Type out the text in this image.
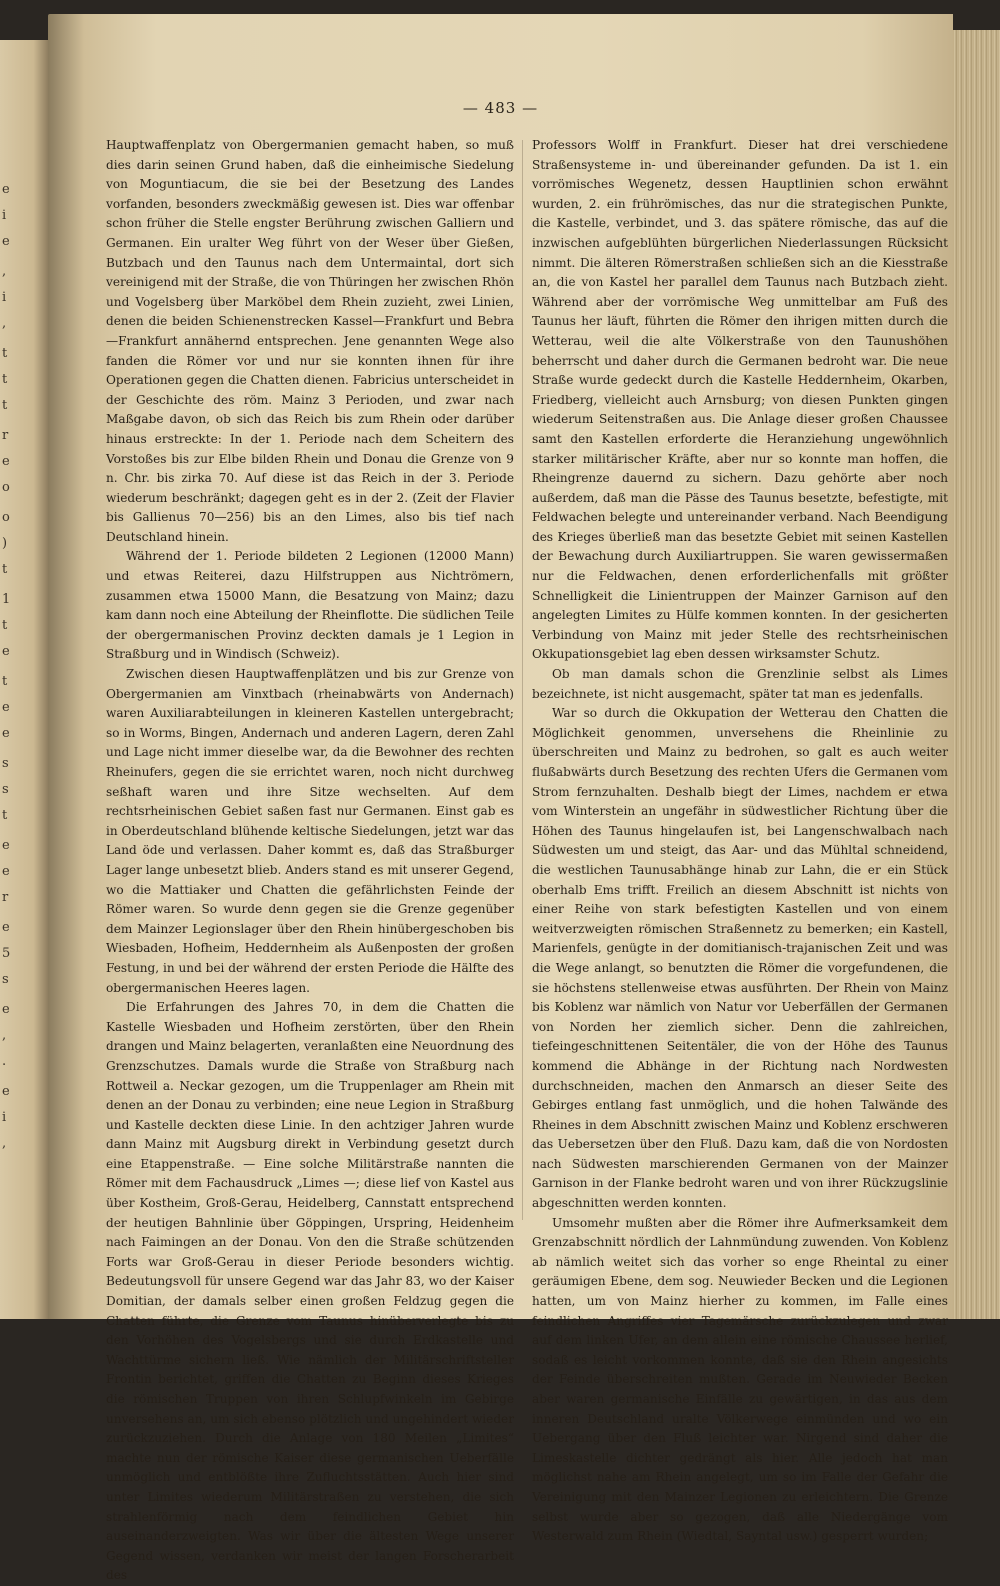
e
i
e
,
i
,
t
t
t
r
e
o
o
)
t
1
t
e
t
e
e
s
s
t
e
e
r
e
5
s
e
,
.
e
i
,
— 483 —

Hauptwaffenplatz von Obergermanien gemacht haben, so muß dies darin seinen Grund haben, daß die einheimische Siedelung von Moguntiacum, die sie bei der Besetzung des Landes vorfanden, besonders zweckmäßig gewesen ist. Dies war offenbar schon früher die Stelle engster Berührung zwischen Galliern und Germanen. Ein uralter Weg führt von der Weser über Gießen, Butzbach und den Taunus nach dem Untermaintal, dort sich vereinigend mit der Straße, die von Thüringen her zwischen Rhön und Vogelsberg über Marköbel dem Rhein zuzieht, zwei Linien, denen die beiden Schienenstrecken Kassel—Frankfurt und Bebra—Frankfurt annähernd entsprechen. Jene genannten Wege also fanden die Römer vor und nur sie konnten ihnen für ihre Operationen gegen die Chatten dienen. Fabricius unterscheidet in der Geschichte des röm. Mainz 3 Perioden, und zwar nach Maßgabe davon, ob sich das Reich bis zum Rhein oder darüber hinaus erstreckte: In der 1. Periode nach dem Scheitern des Vorstoßes bis zur Elbe bilden Rhein und Donau die Grenze von 9 n. Chr. bis zirka 70. Auf diese ist das Reich in der 3. Periode wiederum beschränkt; dagegen geht es in der 2. (Zeit der Flavier bis Gallienus 70—256) bis an den Limes, also bis tief nach Deutschland hinein.

Während der 1. Periode bildeten 2 Legionen (12000 Mann) und etwas Reiterei, dazu Hilfstruppen aus Nichtrömern, zusammen etwa 15000 Mann, die Besatzung von Mainz; dazu kam dann noch eine Abteilung der Rheinflotte. Die südlichen Teile der obergermanischen Provinz deckten damals je 1 Legion in Straßburg und in Windisch (Schweiz).

Zwischen diesen Hauptwaffenplätzen und bis zur Grenze von Obergermanien am Vinxtbach (rheinabwärts von Andernach) waren Auxiliarabteilungen in kleineren Kastellen untergebracht; so in Worms, Bingen, Andernach und anderen Lagern, deren Zahl und Lage nicht immer dieselbe war, da die Bewohner des rechten Rheinufers, gegen die sie errichtet waren, noch nicht durchweg seßhaft waren und ihre Sitze wechselten. Auf dem rechtsrheinischen Gebiet saßen fast nur Germanen. Einst gab es in Oberdeutschland blühende keltische Siedelungen, jetzt war das Land öde und verlassen. Daher kommt es, daß das Straßburger Lager lange unbesetzt blieb. Anders stand es mit unserer Gegend, wo die Mattiaker und Chatten die gefährlichsten Feinde der Römer waren. So wurde denn gegen sie die Grenze gegenüber dem Mainzer Legionslager über den Rhein hinübergeschoben bis Wiesbaden, Hofheim, Heddernheim als Außenposten der großen Festung, in und bei der während der ersten Periode die Hälfte des obergermanischen Heeres lagen.

Die Erfahrungen des Jahres 70, in dem die Chatten die Kastelle Wiesbaden und Hofheim zerstörten, über den Rhein drangen und Mainz belagerten, veranlaßten eine Neuordnung des Grenzschutzes. Damals wurde die Straße von Straßburg nach Rottweil a. Neckar gezogen, um die Truppenlager am Rhein mit denen an der Donau zu verbinden; eine neue Legion in Straßburg und Kastelle deckten diese Linie. In den achtziger Jahren wurde dann Mainz mit Augsburg direkt in Verbindung gesetzt durch eine Etappenstraße. — Eine solche Militärstraße nannten die Römer mit dem Fachausdruck „Limes —; diese lief von Kastel aus über Kostheim, Groß-Gerau, Heidelberg, Cannstatt entsprechend der heutigen Bahnlinie über Göppingen, Urspring, Heidenheim nach Faimingen an der Donau. Von den die Straße schützenden Forts war Groß-Gerau in dieser Periode besonders wichtig. Bedeutungsvoll für unsere Gegend war das Jahr 83, wo der Kaiser Domitian, der damals selber einen großen Feldzug gegen die Chatten führte, die Grenze vom Taunus hinüberverlegte bis zu den Vorhöhen des Vogelsbergs und sie durch Erdkastelle und Wachttürme sichern ließ. Wie nämlich der Militärschriftsteller Frontin berichtet, griffen die Chatten zu Beginn dieses Krieges die römischen Truppen von ihren Schlupfwinkeln im Gebirge unversehens an, um sich ebenso plötzlich und ungehindert wieder zurückzuziehen. Durch die Anlage von 180 Meilen „Limites“ machte nun der römische Kaiser diese germanischen Ueberfälle unmöglich und entblößte ihre Zufluchtsstätten. Auch hier sind unter Limites wiederum Militärstraßen zu verstehen, die sich strahlenförmig nach dem feindlichen Gebiet hin auseinanderzweigten. Was wir über die ältesten Wege unserer Gegend wissen, verdanken wir meist der langen Forscherarbeit des

Professors Wolff in Frankfurt. Dieser hat drei verschiedene Straßensysteme in- und übereinander gefunden. Da ist 1. ein vorrömisches Wegenetz, dessen Hauptlinien schon erwähnt wurden, 2. ein frührömisches, das nur die strategischen Punkte, die Kastelle, verbindet, und 3. das spätere römische, das auf die inzwischen aufgeblühten bürgerlichen Niederlassungen Rücksicht nimmt. Die älteren Römerstraßen schließen sich an die Kiesstraße an, die von Kastel her parallel dem Taunus nach Butzbach zieht. Während aber der vorrömische Weg unmittelbar am Fuß des Taunus her läuft, führten die Römer den ihrigen mitten durch die Wetterau, weil die alte Völkerstraße von den Taunushöhen beherrscht und daher durch die Germanen bedroht war. Die neue Straße wurde gedeckt durch die Kastelle Heddernheim, Okarben, Friedberg, vielleicht auch Arnsburg; von diesen Punkten gingen wiederum Seitenstraßen aus. Die Anlage dieser großen Chaussee samt den Kastellen erforderte die Heranziehung ungewöhnlich starker militärischer Kräfte, aber nur so konnte man hoffen, die Rheingrenze dauernd zu sichern. Dazu gehörte aber noch außerdem, daß man die Pässe des Taunus besetzte, befestigte, mit Feldwachen belegte und untereinander verband. Nach Beendigung des Krieges überließ man das besetzte Gebiet mit seinen Kastellen der Bewachung durch Auxiliartruppen. Sie waren gewissermaßen nur die Feldwachen, denen erforderlichenfalls mit größter Schnelligkeit die Linientruppen der Mainzer Garnison auf den angelegten Limites zu Hülfe kommen konnten. In der gesicherten Verbindung von Mainz mit jeder Stelle des rechtsrheinischen Okkupationsgebiet lag eben dessen wirksamster Schutz.

Ob man damals schon die Grenzlinie selbst als Limes bezeichnete, ist nicht ausgemacht, später tat man es jedenfalls.

War so durch die Okkupation der Wetterau den Chatten die Möglichkeit genommen, unversehens die Rheinlinie zu überschreiten und Mainz zu bedrohen, so galt es auch weiter flußabwärts durch Besetzung des rechten Ufers die Germanen vom Strom fernzuhalten. Deshalb biegt der Limes, nachdem er etwa vom Winterstein an ungefähr in südwestlicher Richtung über die Höhen des Taunus hingelaufen ist, bei Langenschwalbach nach Südwesten um und steigt, das Aar- und das Mühltal schneidend, die westlichen Taunusabhänge hinab zur Lahn, die er ein Stück oberhalb Ems trifft. Freilich an diesem Abschnitt ist nichts von einer Reihe von stark befestigten Kastellen und von einem weitverzweigten römischen Straßennetz zu bemerken; ein Kastell, Marienfels, genügte in der domitianisch-trajanischen Zeit und was die Wege anlangt, so benutzten die Römer die vorgefundenen, die sie höchstens stellenweise etwas ausführten. Der Rhein von Mainz bis Koblenz war nämlich von Natur vor Ueberfällen der Germanen von Norden her ziemlich sicher. Denn die zahlreichen, tiefeingeschnittenen Seitentäler, die von der Höhe des Taunus kommend die Abhänge in der Richtung nach Nordwesten durchschneiden, machen den Anmarsch an dieser Seite des Gebirges entlang fast unmöglich, und die hohen Talwände des Rheines in dem Abschnitt zwischen Mainz und Koblenz erschweren das Uebersetzen über den Fluß. Dazu kam, daß die von Nordosten nach Südwesten marschierenden Germanen von der Mainzer Garnison in der Flanke bedroht waren und von ihrer Rückzugslinie abgeschnitten werden konnten.

Umsomehr mußten aber die Römer ihre Aufmerksamkeit dem Grenzabschnitt nördlich der Lahnmündung zuwenden. Von Koblenz ab nämlich weitet sich das vorher so enge Rheintal zu einer geräumigen Ebene, dem sog. Neuwieder Becken und die Legionen hatten, um von Mainz hierher zu kommen, im Falle eines feindlichen Angriffes vier Tagemärsche zurückzulegen und zwar auf dem linken Ufer, an dem allein eine römische Chaussee herlief, sodaß es leicht vorkommen konnte, daß sie den Rhein angesichts der Feinde überschreiten mußten. Gerade im Neuwieder Becken aber waren germanische Einfälle zu gewärtigen, in das aus dem inneren Deutschland uralte Völkerwege einmünden und wo ein Uebergang über den Fluß leichter war. Nirgend sind daher die Limeskastelle dichter gedrängt als hier. Alle jedoch hat man möglichst nahe am Rhein angelegt, um so im Falle der Gefahr die Vereinigung mit den Mainzer Legionen zu erleichtern. Die Grenze selbst wurde aber so gezogen, daß alle Niedergänge vom Westerwald zum Rhein (Wiedtal, Sayntal usw.) gesperrt wurden;
